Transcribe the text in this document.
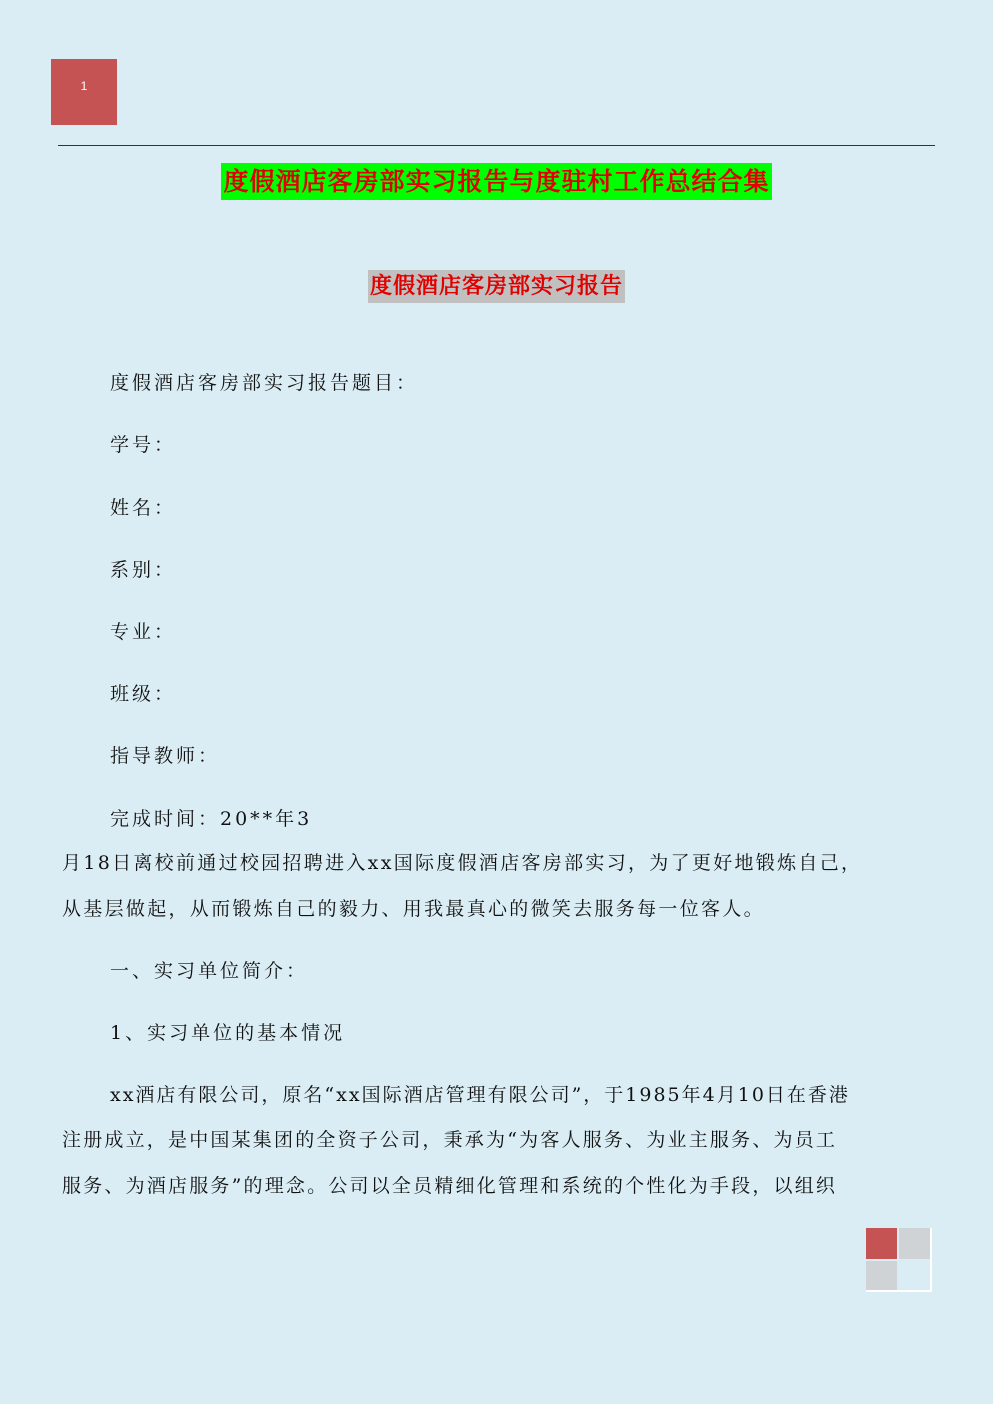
1
度假酒店客房部实习报告与度驻村工作总结合集
度假酒店客房部实习报告
度假酒店客房部实习报告题目：
学号：
姓名：
系别：
专业：
班级：
指导教师：
完成时间：20**年3
月18日离校前通过校园招聘进入xx国际度假酒店客房部实习，为了更好地锻炼自己，
从基层做起，从而锻炼自己的毅力、用我最真心的微笑去服务每一位客人。
一、实习单位简介：
1、实习单位的基本情况
xx酒店有限公司，原名“xx国际酒店管理有限公司”，于1985年4月10日在香港
注册成立，是中国某集团的全资子公司，秉承为“为客人服务、为业主服务、为员工
服务、为酒店服务”的理念。公司以全员精细化管理和系统的个性化为手段，以组织
